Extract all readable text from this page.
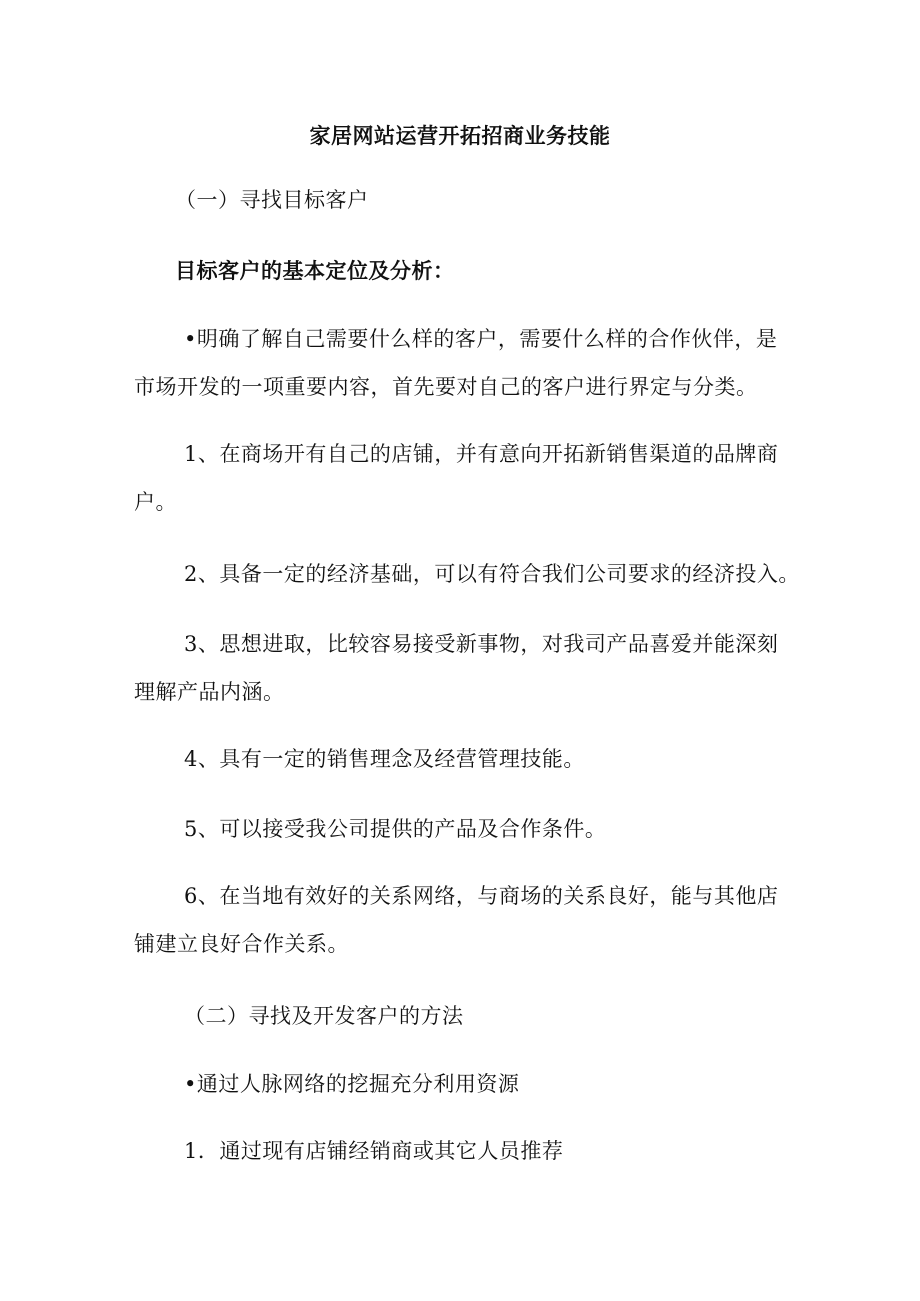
家居网站运营开拓招商业务技能
（一）寻找目标客户
目标客户的基本定位及分析：
•明确了解自己需要什么样的客户，需要什么样的合作伙伴，是
市场开发的一项重要内容，首先要对自己的客户进行界定与分类。
1、在商场开有自己的店铺，并有意向开拓新销售渠道的品牌商
户。
2、具备一定的经济基础，可以有符合我们公司要求的经济投入。
3、思想进取，比较容易接受新事物，对我司产品喜爱并能深刻
理解产品内涵。
4、具有一定的销售理念及经营管理技能。
5、可以接受我公司提供的产品及合作条件。
6、在当地有效好的关系网络，与商场的关系良好，能与其他店
铺建立良好合作关系。
（二）寻找及开发客户的方法
•通过人脉网络的挖掘充分利用资源
1．通过现有店铺经销商或其它人员推荐
